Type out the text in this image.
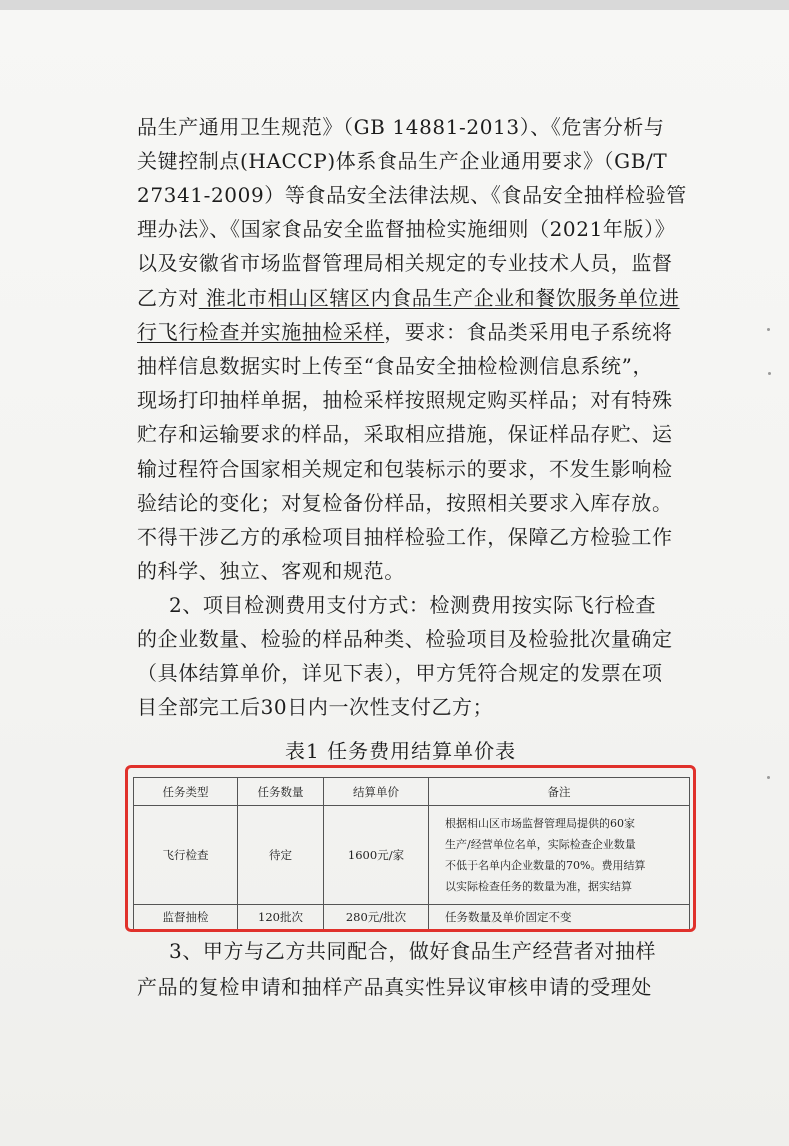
品生产通用卫生规范》（GB 14881-2013）、《危害分析与
关键控制点(HACCP)体系食品生产企业通用要求》（GB/T
27341-2009）等食品安全法律法规、《食品安全抽样检验管
理办法》、《国家食品安全监督抽检实施细则（2021年版）》
以及安徽省市场监督管理局相关规定的专业技术人员，监督
乙方对 淮北市相山区辖区内食品生产企业和餐饮服务单位进
行飞行检查并实施抽检采样，要求：食品类采用电子系统将
抽样信息数据实时上传至“食品安全抽检检测信息系统”，
现场打印抽样单据，抽检采样按照规定购买样品；对有特殊
贮存和运输要求的样品，采取相应措施，保证样品存贮、运
输过程符合国家相关规定和包装标示的要求，不发生影响检
验结论的变化；对复检备份样品，按照相关要求入库存放。
不得干涉乙方的承检项目抽样检验工作，保障乙方检验工作
的科学、独立、客观和规范。
2、项目检测费用支付方式：检测费用按实际飞行检查
的企业数量、检验的样品种类、检验项目及检验批次量确定
（具体结算单价，详见下表），甲方凭符合规定的发票在项
目全部完工后30日内一次性支付乙方；
表1 任务费用结算单价表
任务类型	任务数量	结算单价	备注
飞行检查	待定	1600元/家	根据相山区市场监督管理局提供的60家
生产/经营单位名单，实际检查企业数量
不低于名单内企业数量的70%。费用结算
以实际检查任务的数量为准，据实结算

监督抽检	120批次	280元/批次	任务数量及单价固定不变
3、甲方与乙方共同配合，做好食品生产经营者对抽样
产品的复检申请和抽样产品真实性异议审核申请的受理处
